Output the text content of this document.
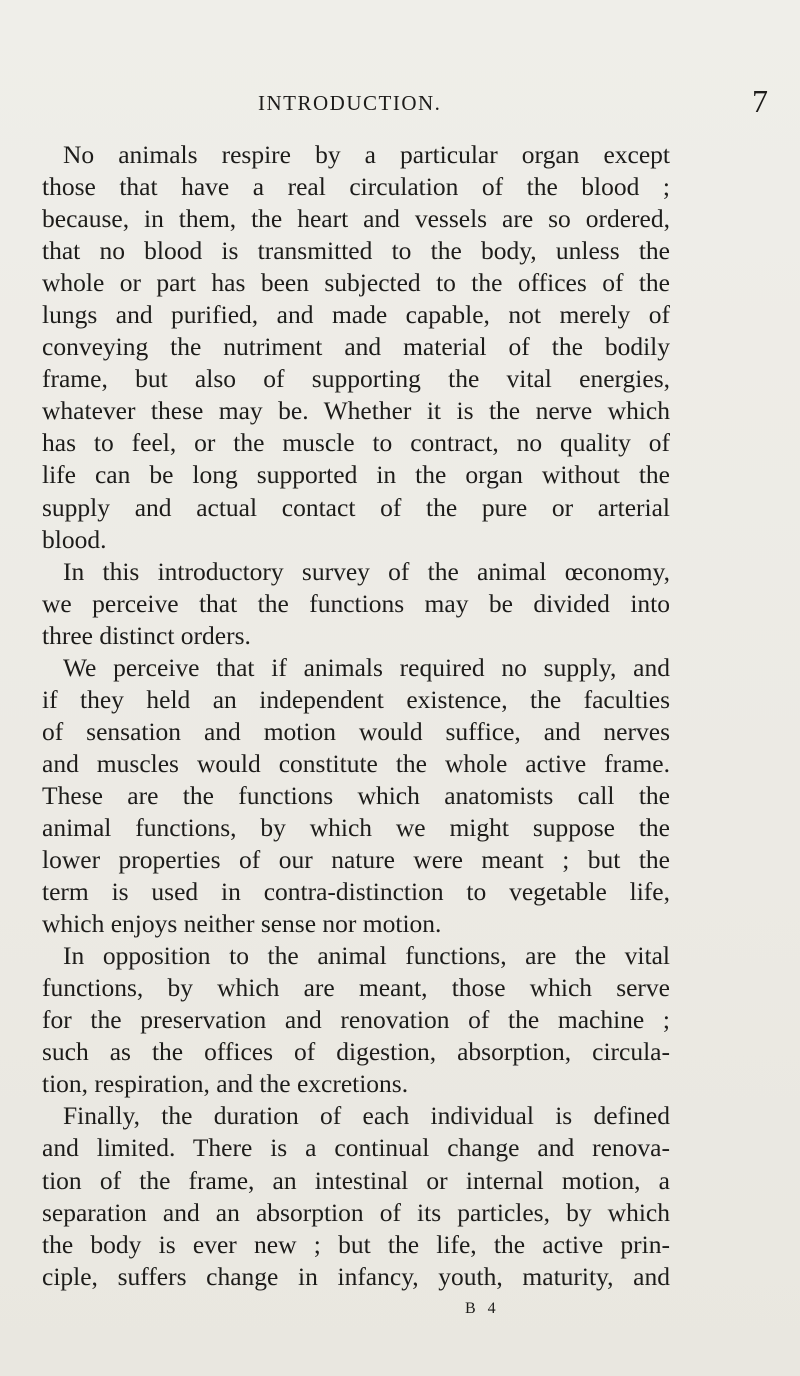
INTRODUCTION.	7
No animals respire by a particular organ except
those that have a real circulation of the blood ;
because, in them, the heart and vessels are so ordered,
that no blood is transmitted to the body, unless the
whole or part has been subjected to the offices of the
lungs and purified, and made capable, not merely of
conveying the nutriment and material of the bodily
frame, but also of supporting the vital energies,
whatever these may be. Whether it is the nerve which
has to feel, or the muscle to contract, no quality of
life can be long supported in the organ without the
supply and actual contact of the pure or arterial
blood.
In this introductory survey of the animal œconomy,
we perceive that the functions may be divided into
three distinct orders.
We perceive that if animals required no supply, and
if they held an independent existence, the faculties
of sensation and motion would suffice, and nerves
and muscles would constitute the whole active frame.
These are the functions which anatomists call the
animal functions, by which we might suppose the
lower properties of our nature were meant ; but the
term is used in contra-distinction to vegetable life,
which enjoys neither sense nor motion.
In opposition to the animal functions, are the vital
functions, by which are meant, those which serve
for the preservation and renovation of the machine ;
such as the offices of digestion, absorption, circula-
tion, respiration, and the excretions.
Finally, the duration of each individual is defined
and limited. There is a continual change and renova-
tion of the frame, an intestinal or internal motion, a
separation and an absorption of its particles, by which
the body is ever new ; but the life, the active prin-
ciple, suffers change in infancy, youth, maturity, and
B 4
